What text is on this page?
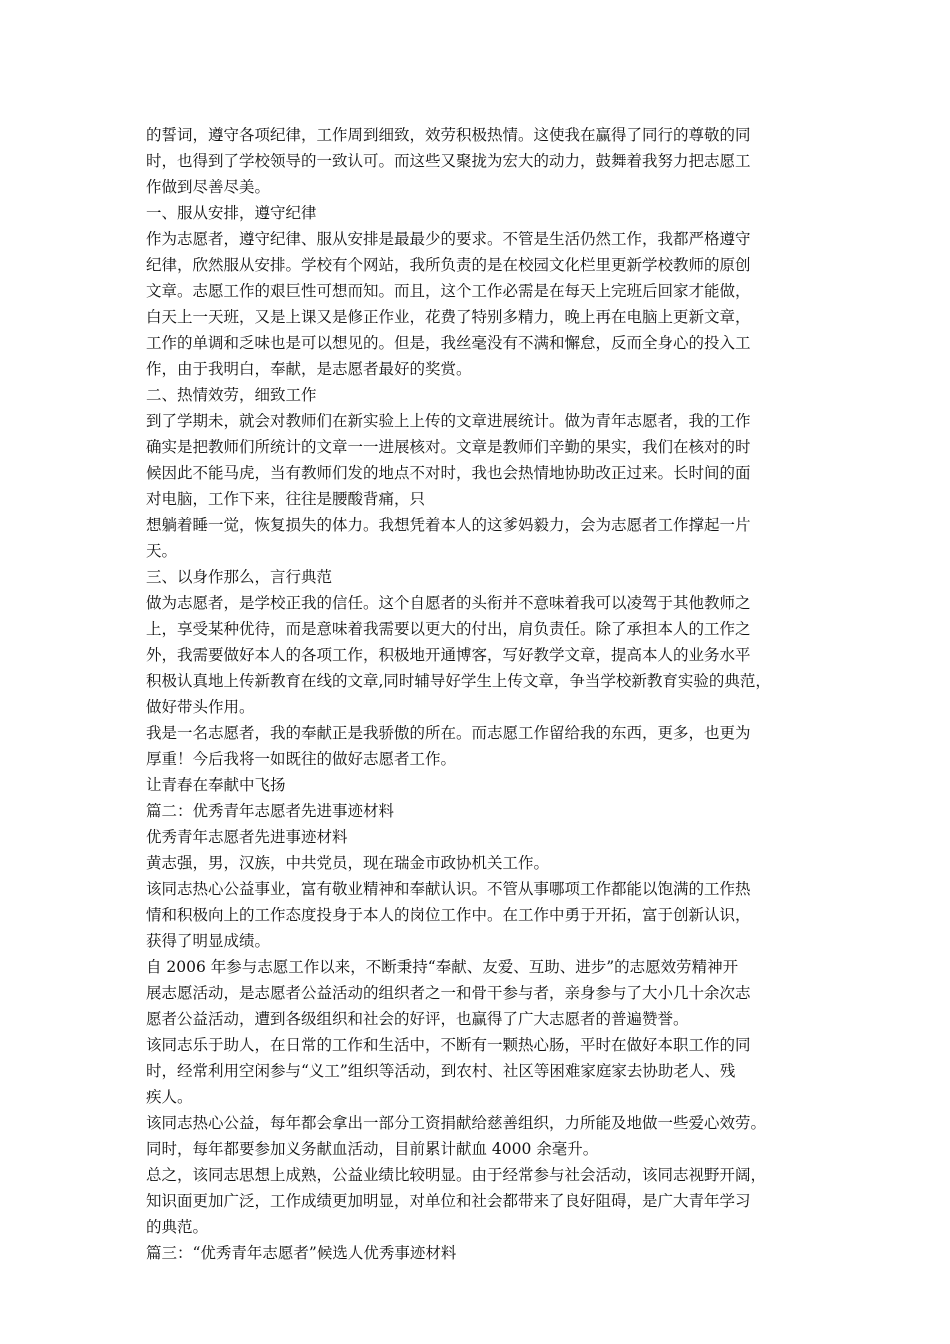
的誓词，遵守各项纪律，工作周到细致，效劳积极热情。这使我在赢得了同行的尊敬的同

时，也得到了学校领导的一致认可。而这些又聚拢为宏大的动力，鼓舞着我努力把志愿工

作做到尽善尽美。

一、服从安排，遵守纪律

作为志愿者，遵守纪律、服从安排是最最少的要求。不管是生活仍然工作，我都严格遵守

纪律，欣然服从安排。学校有个网站，我所负责的是在校园文化栏里更新学校教师的原创

文章。志愿工作的艰巨性可想而知。而且，这个工作必需是在每天上完班后回家才能做，

白天上一天班，又是上课又是修正作业，花费了特别多精力，晚上再在电脑上更新文章，

工作的单调和乏味也是可以想见的。但是，我丝毫没有不满和懈怠，反而全身心的投入工

作，由于我明白，奉献，是志愿者最好的奖赏。

二、热情效劳，细致工作

到了学期未，就会对教师们在新实验上上传的文章进展统计。做为青年志愿者，我的工作

确实是把教师们所统计的文章一一进展核对。文章是教师们辛勤的果实，我们在核对的时

候因此不能马虎，当有教师们发的地点不对时，我也会热情地协助改正过来。长时间的面

对电脑，工作下来，往往是腰酸背痛，只

想躺着睡一觉，恢复损失的体力。我想凭着本人的这爹妈毅力，会为志愿者工作撑起一片

天。

三、以身作那么，言行典范

做为志愿者，是学校正我的信任。这个自愿者的头衔并不意味着我可以凌驾于其他教师之

上，享受某种优待，而是意味着我需要以更大的付出，肩负责任。除了承担本人的工作之

外，我需要做好本人的各项工作，积极地开通博客，写好教学文章，提高本人的业务水平

积极认真地上传新教育在线的文章,同时辅导好学生上传文章，争当学校新教育实验的典范，

做好带头作用。

我是一名志愿者，我的奉献正是我骄傲的所在。而志愿工作留给我的东西，更多，也更为

厚重！今后我将一如既往的做好志愿者工作。

让青春在奉献中飞扬

篇二：优秀青年志愿者先进事迹材料

优秀青年志愿者先进事迹材料

黄志强，男，汉族，中共党员，现在瑞金市政协机关工作。

该同志热心公益事业，富有敬业精神和奉献认识。不管从事哪项工作都能以饱满的工作热

情和积极向上的工作态度投身于本人的岗位工作中。在工作中勇于开拓，富于创新认识，

获得了明显成绩。

自 2006 年参与志愿工作以来，不断秉持“奉献、友爱、互助、进步”的志愿效劳精神开

展志愿活动，是志愿者公益活动的组织者之一和骨干参与者，亲身参与了大小几十余次志

愿者公益活动，遭到各级组织和社会的好评，也赢得了广大志愿者的普遍赞誉。

该同志乐于助人，在日常的工作和生活中，不断有一颗热心肠，平时在做好本职工作的同

时，经常利用空闲参与“义工”组织等活动，到农村、社区等困难家庭家去协助老人、残

疾人。

该同志热心公益，每年都会拿出一部分工资捐献给慈善组织，力所能及地做一些爱心效劳。

同时，每年都要参加义务献血活动，目前累计献血 4000 余毫升。

总之，该同志思想上成熟，公益业绩比较明显。由于经常参与社会活动，该同志视野开阔，

知识面更加广泛，工作成绩更加明显，对单位和社会都带来了良好阻碍，是广大青年学习

的典范。

篇三：“优秀青年志愿者”候选人优秀事迹材料
